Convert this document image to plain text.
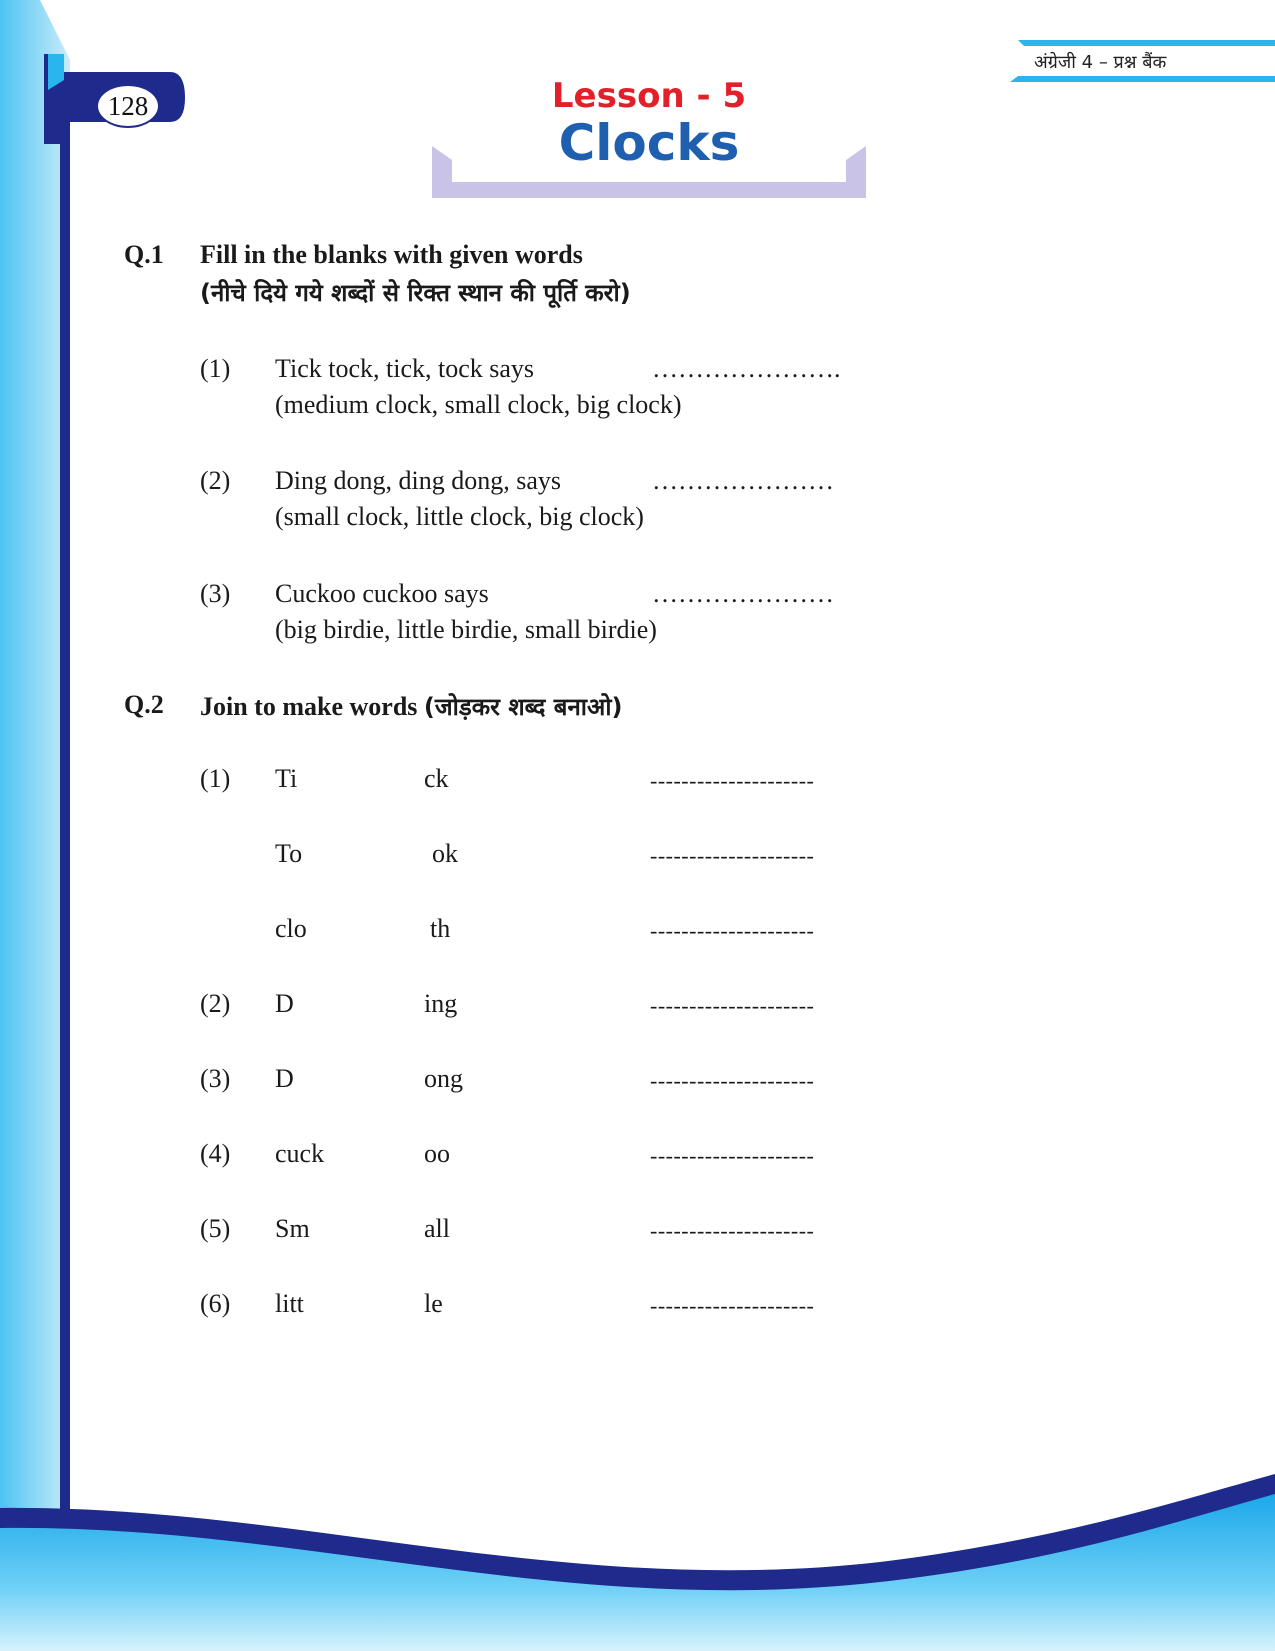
128
अंग्रेजी 4 – प्रश्न बैंक
Lesson - 5
Clocks
Q.1 Fill in the blanks with given words
(नीचे दिये गये शब्दों से रिक्त स्थान की पूर्ति करो)
(1) Tick tock, tick, tock says	………………….
(medium clock, small clock, big clock)
(2) Ding dong, ding dong, says	…………………
(small clock, little clock, big clock)
(3) Cuckoo cuckoo says	…………………
(big birdie, little birdie, small birdie)
Q.2 Join to make words (जोड़कर शब्द बनाओ)
(1) Ti	ck	---------------------
To	ok	---------------------
clo	th	---------------------
(2) D	ing	---------------------
(3) D	ong	---------------------
(4) cuck	oo	---------------------
(5) Sm	all	---------------------
(6) litt	le	---------------------
